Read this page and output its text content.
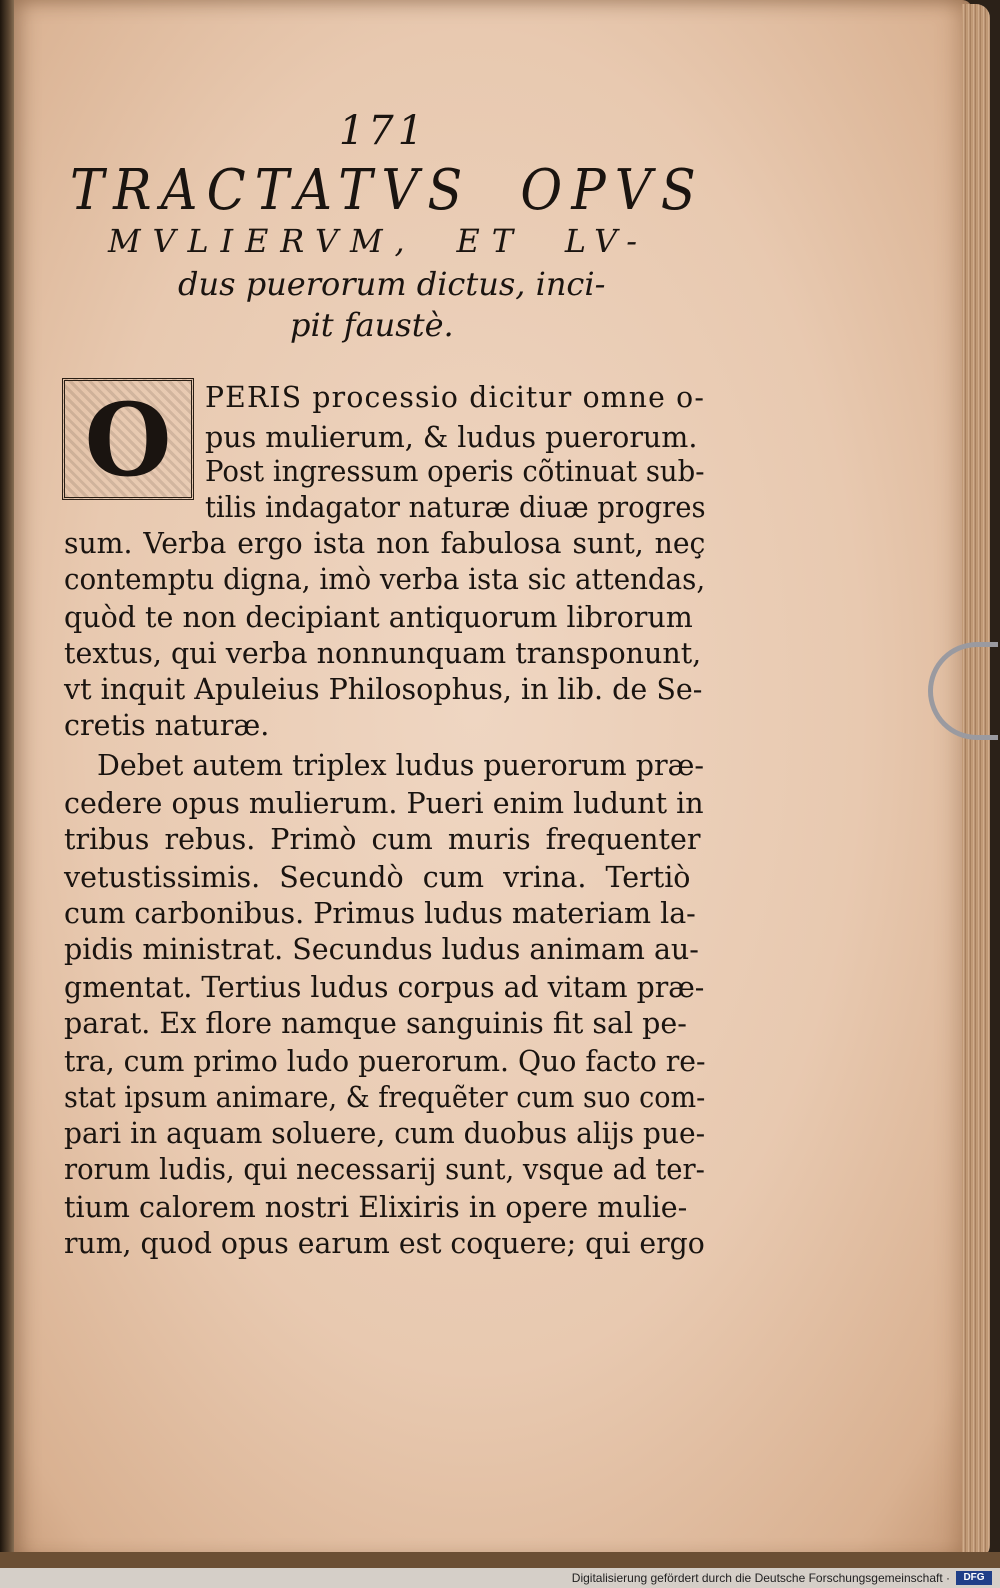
171
TRACTATVS OPVS
MVLIERVM, ET LV-
dus puerorum dictus, inci-
pit faustè.
O	PERIS processio dicitur omne o-
pus mulierum, & ludus puerorum.
Post ingressum operis cõtinuat sub-
tilis indagator naturæ diuæ progres
sum. Verba ergo ista non fabulosa sunt, neç
contemptu digna, imò verba ista sic attendas,
quòd te non decipiant antiquorum librorum
textus, qui verba nonnunquam transponunt,
vt inquit Apuleius Philosophus, in lib. de Se-
cretis naturæ.
Debet autem triplex ludus puerorum præ-
cedere opus mulierum. Pueri enim ludunt in
tribus rebus. Primò cum muris frequenter
vetustissimis. Secundò cum vrina. Tertiò
cum carbonibus. Primus ludus materiam la-
pidis ministrat. Secundus ludus animam au-
gmentat. Tertius ludus corpus ad vitam præ-
parat. Ex flore namque sanguinis fit sal pe-
tra, cum primo ludo puerorum. Quo facto re-
stat ipsum animare, & frequẽter cum suo com-
pari in aquam soluere, cum duobus alijs pue-
rorum ludis, qui necessarij sunt, vsque ad ter-
tium calorem nostri Elixiris in opere mulie-
rum, quod opus earum est coquere; qui ergo
Digitalisierung gefördert durch die Deutsche Forschungsgemeinschaft ·	DFG
